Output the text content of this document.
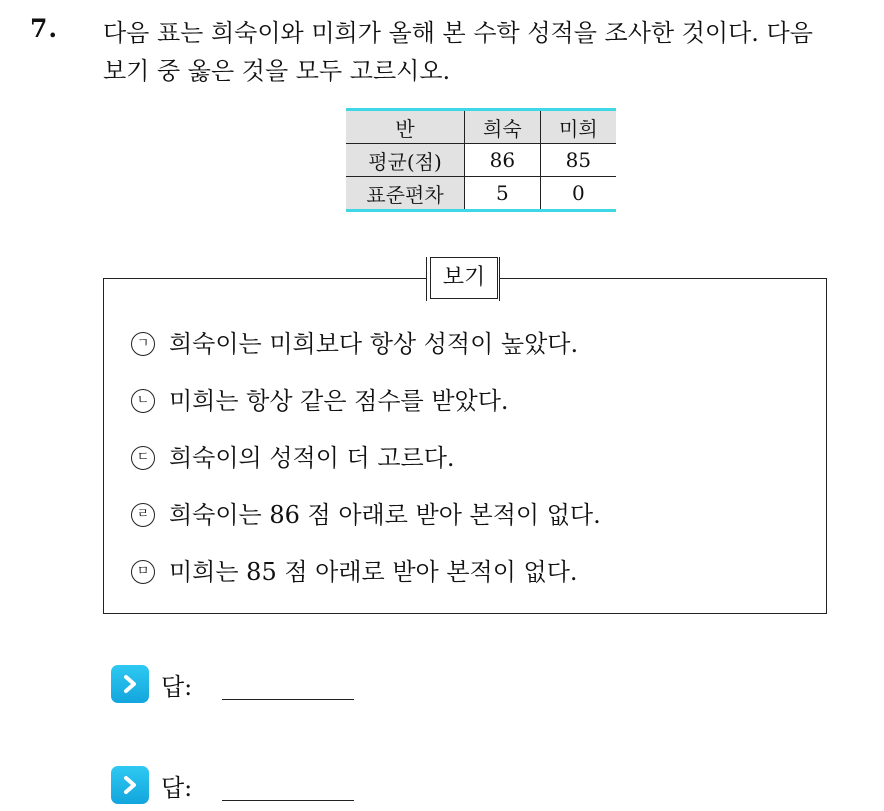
7. 다음 표는 희숙이와 미희가 올해 본 수학 성적을 조사한 것이다. 다음
보기 중 옳은 것을 모두 고르시오.
반	희숙	미희
평균(점)	86	85
표준편차	5	0
보기
ㄱ 희숙이는 미희보다 항상 성적이 높았다.
ㄴ 미희는 항상 같은 점수를 받았다.
ㄷ 희숙이의 성적이 더 고르다.
ㄹ 희숙이는 86 점 아래로 받아 본적이 없다.
ㅁ 미희는 85 점 아래로 받아 본적이 없다.
답:
답:
